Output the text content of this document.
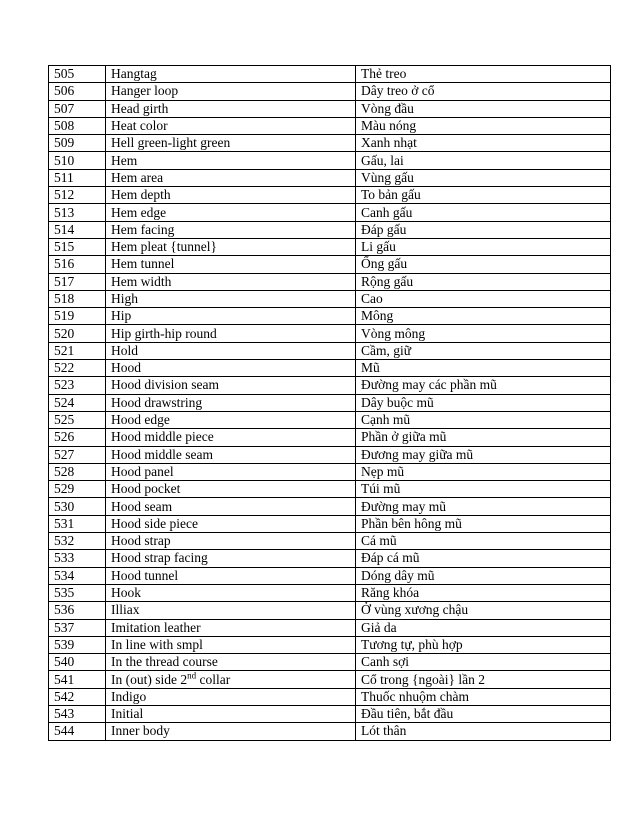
505	Hangtag	Thẻ treo
506	Hanger loop	Dây treo ở cổ
507	Head girth	Vòng đầu
508	Heat color	Màu nóng
509	Hell green-light green	Xanh nhạt
510	Hem	Gấu, lai
511	Hem area	Vùng gấu
512	Hem depth	To bản gấu
513	Hem edge	Canh gấu
514	Hem facing	Đáp gấu
515	Hem pleat {tunnel}	Li gấu
516	Hem tunnel	Ống gấu
517	Hem width	Rộng gấu
518	High	Cao
519	Hip	Mông
520	Hip girth-hip round	Vòng mông
521	Hold	Cầm, giữ
522	Hood	Mũ
523	Hood division seam	Đường may các phần mũ
524	Hood drawstring	Dây buộc mũ
525	Hood edge	Cạnh mũ
526	Hood middle piece	Phần ở giữa mũ
527	Hood middle seam	Đương may giữa mũ
528	Hood panel	Nẹp mũ
529	Hood pocket	Túi mũ
530	Hood seam	Đường may mũ
531	Hood side piece	Phần bên hông mũ
532	Hood strap	Cá mũ
533	Hood strap facing	Đáp cá mũ
534	Hood tunnel	Dóng dây mũ
535	Hook	Răng khóa
536	Illiax	Ở vùng xương chậu
537	Imitation leather	Giả da
539	In line with smpl	Tương tự, phù hợp
540	In the thread course	Canh sợi
541	In (out) side 2nd collar	Cổ trong {ngoài} lần 2
542	Indigo	Thuốc nhuộm chàm
543	Initial	Đầu tiên, bắt đầu
544	Inner body	Lót thân
